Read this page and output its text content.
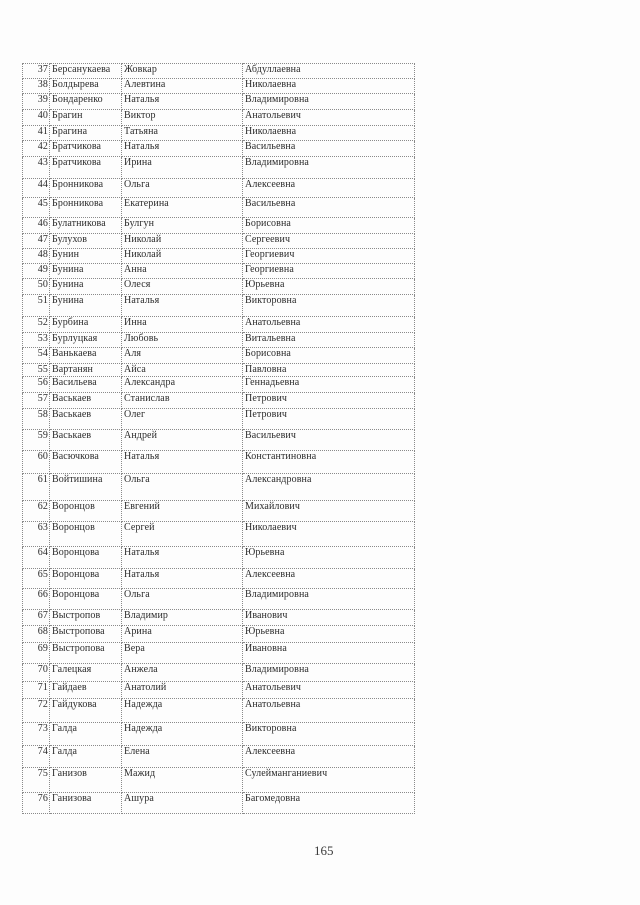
37	Берсанукаева	Жовкар	Абдуллаевна
38	Болдырева	Алевтина	Николаевна
39	Бондаренко	Наталья	Владимировна
40	Брагин	Виктор	Анатольевич
41	Брагина	Татьяна	Николаевна
42	Братчикова	Наталья	Васильевна
43	Братчикова	Ирина	Владимировна
44	Бронникова	Ольга	Алексеевна
45	Бронникова	Екатерина	Васильевна
46	Булатникова	Булгун	Борисовна
47	Булухов	Николай	Сергеевич
48	Бунин	Николай	Георгиевич
49	Бунина	Анна	Георгиевна
50	Бунина	Олеся	Юрьевна
51	Бунина	Наталья	Викторовна
52	Бурбина	Инна	Анатольевна
53	Бурлуцкая	Любовь	Витальевна
54	Ванькаева	Аля	Борисовна
55	Вартанян	Айса	Павловна
56	Васильева	Александра	Геннадьевна
57	Васькаев	Станислав	Петрович
58	Васькаев	Олег	Петрович
59	Васькаев	Андрей	Васильевич
60	Васючкова	Наталья	Константиновна
61	Войтишина	Ольга	Александровна
62	Воронцов	Евгений	Михайлович
63	Воронцов	Сергей	Николаевич
64	Воронцова	Наталья	Юрьевна
65	Воронцова	Наталья	Алексеевна
66	Воронцова	Ольга	Владимировна
67	Выстропов	Владимир	Иванович
68	Выстропова	Арина	Юрьевна
69	Выстропова	Вера	Ивановна
70	Галецкая	Анжела	Владимировна
71	Гайдаев	Анатолий	Анатольевич
72	Гайдукова	Надежда	Анатольевна
73	Галда	Надежда	Викторовна
74	Галда	Елена	Алексеевна
75	Ганизов	Мажид	Сулейманганиевич
76	Ганизова	Ашура	Багомедовна
165
